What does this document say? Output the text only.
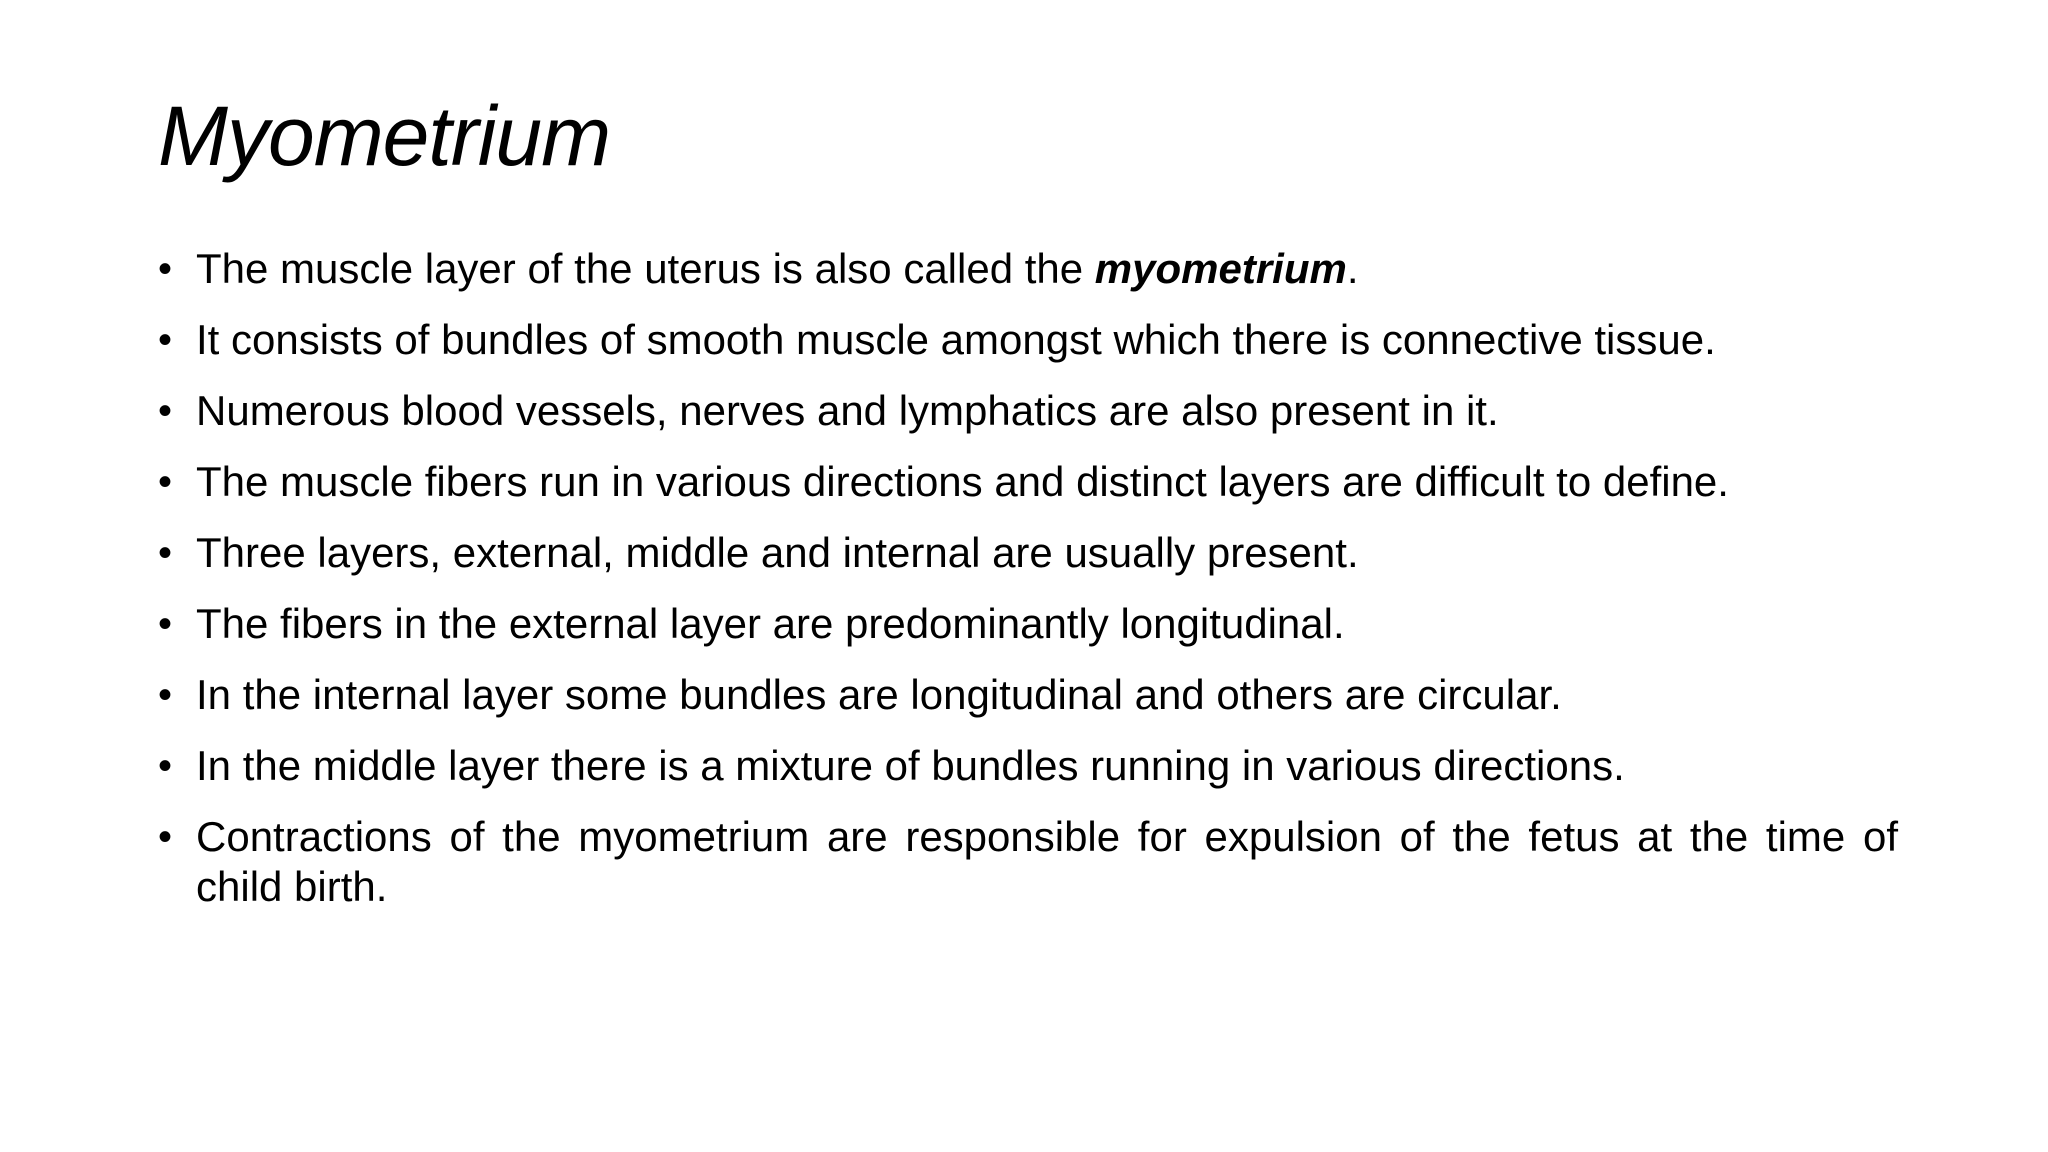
Myometrium
• The muscle layer of the uterus is also called the myometrium.
• It consists of bundles of smooth muscle amongst which there is connective tissue.
• Numerous blood vessels, nerves and lymphatics are also present in it.
• The muscle fibers run in various directions and distinct layers are difficult to define.
• Three layers, external, middle and internal are usually present.
• The fibers in the external layer are predominantly longitudinal.
• In the internal layer some bundles are longitudinal and others are circular.
• In the middle layer there is a mixture of bundles running in various directions.
• Contractions of the myometrium are responsible for expulsion of the fetus at the time of child birth.
